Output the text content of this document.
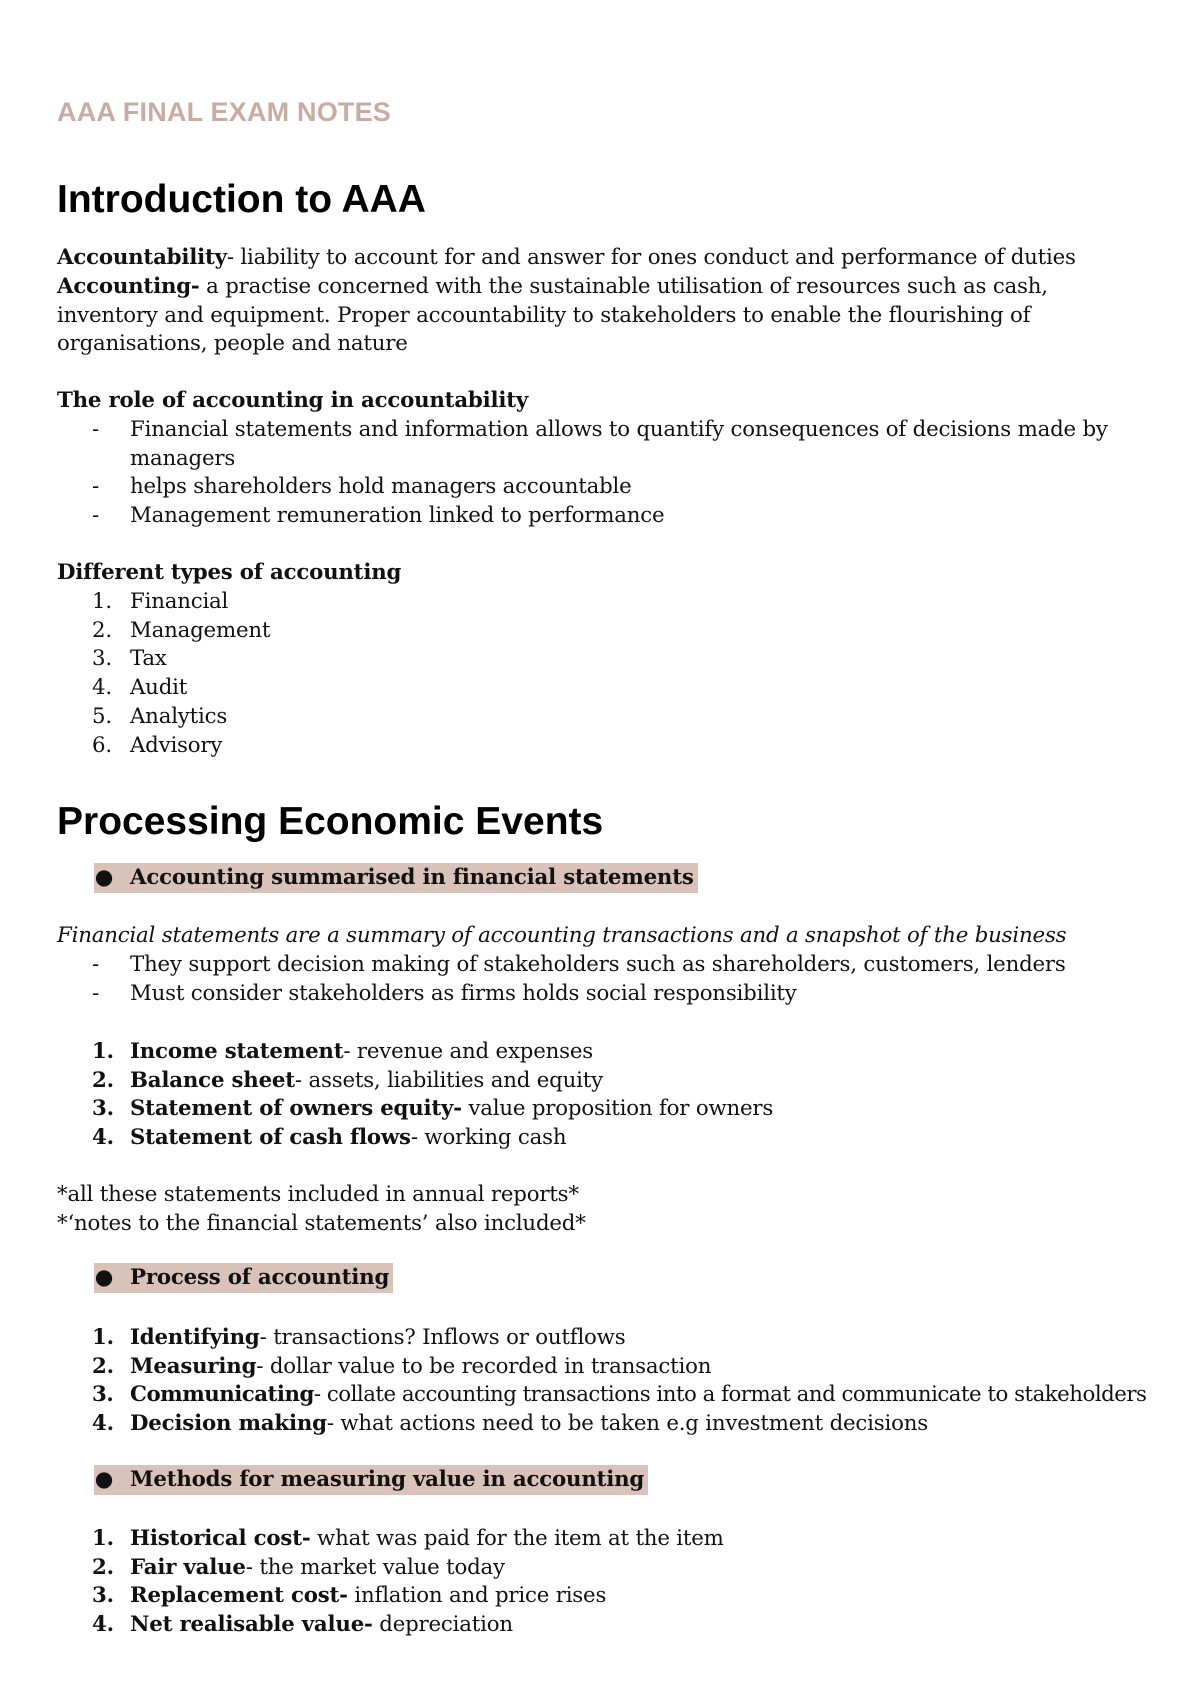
AAA FINAL EXAM NOTES
Introduction to AAA

Accountability- liability to account for and answer for ones conduct and performance of duties

Accounting- a practise concerned with the sustainable utilisation of resources such as cash, inventory and equipment. Proper accountability to stakeholders to enable the flourishing of organisations, people and nature

The role of accounting in accountability

-	Financial statements and information allows to quantify consequences of decisions made by managers
-	helps shareholders hold managers accountable
-	Management remuneration linked to performance

Different types of accounting

1. Financial
2. Management
3. Tax
4. Audit
5. Analytics
6. Advisory
Processing Economic Events
● Accounting summarised in financial statements

Financial statements are a summary of accounting transactions and a snapshot of the business

-	They support decision making of stakeholders such as shareholders, customers, lenders
-	Must consider stakeholders as firms holds social responsibility
1. Income statement- revenue and expenses
2. Balance sheet- assets, liabilities and equity
3. Statement of owners equity- value proposition for owners
4. Statement of cash flows- working cash

*all these statements included in annual reports*

*‘notes to the financial statements’ also included*

● Process of accounting
1. Identifying- transactions? Inflows or outflows
2. Measuring- dollar value to be recorded in transaction
3. Communicating- collate accounting transactions into a format and communicate to stakeholders
4. Decision making- what actions need to be taken e.g investment decisions
● Methods for measuring value in accounting
1. Historical cost- what was paid for the item at the item
2. Fair value- the market value today
3. Replacement cost- inflation and price rises
4. Net realisable value- depreciation
